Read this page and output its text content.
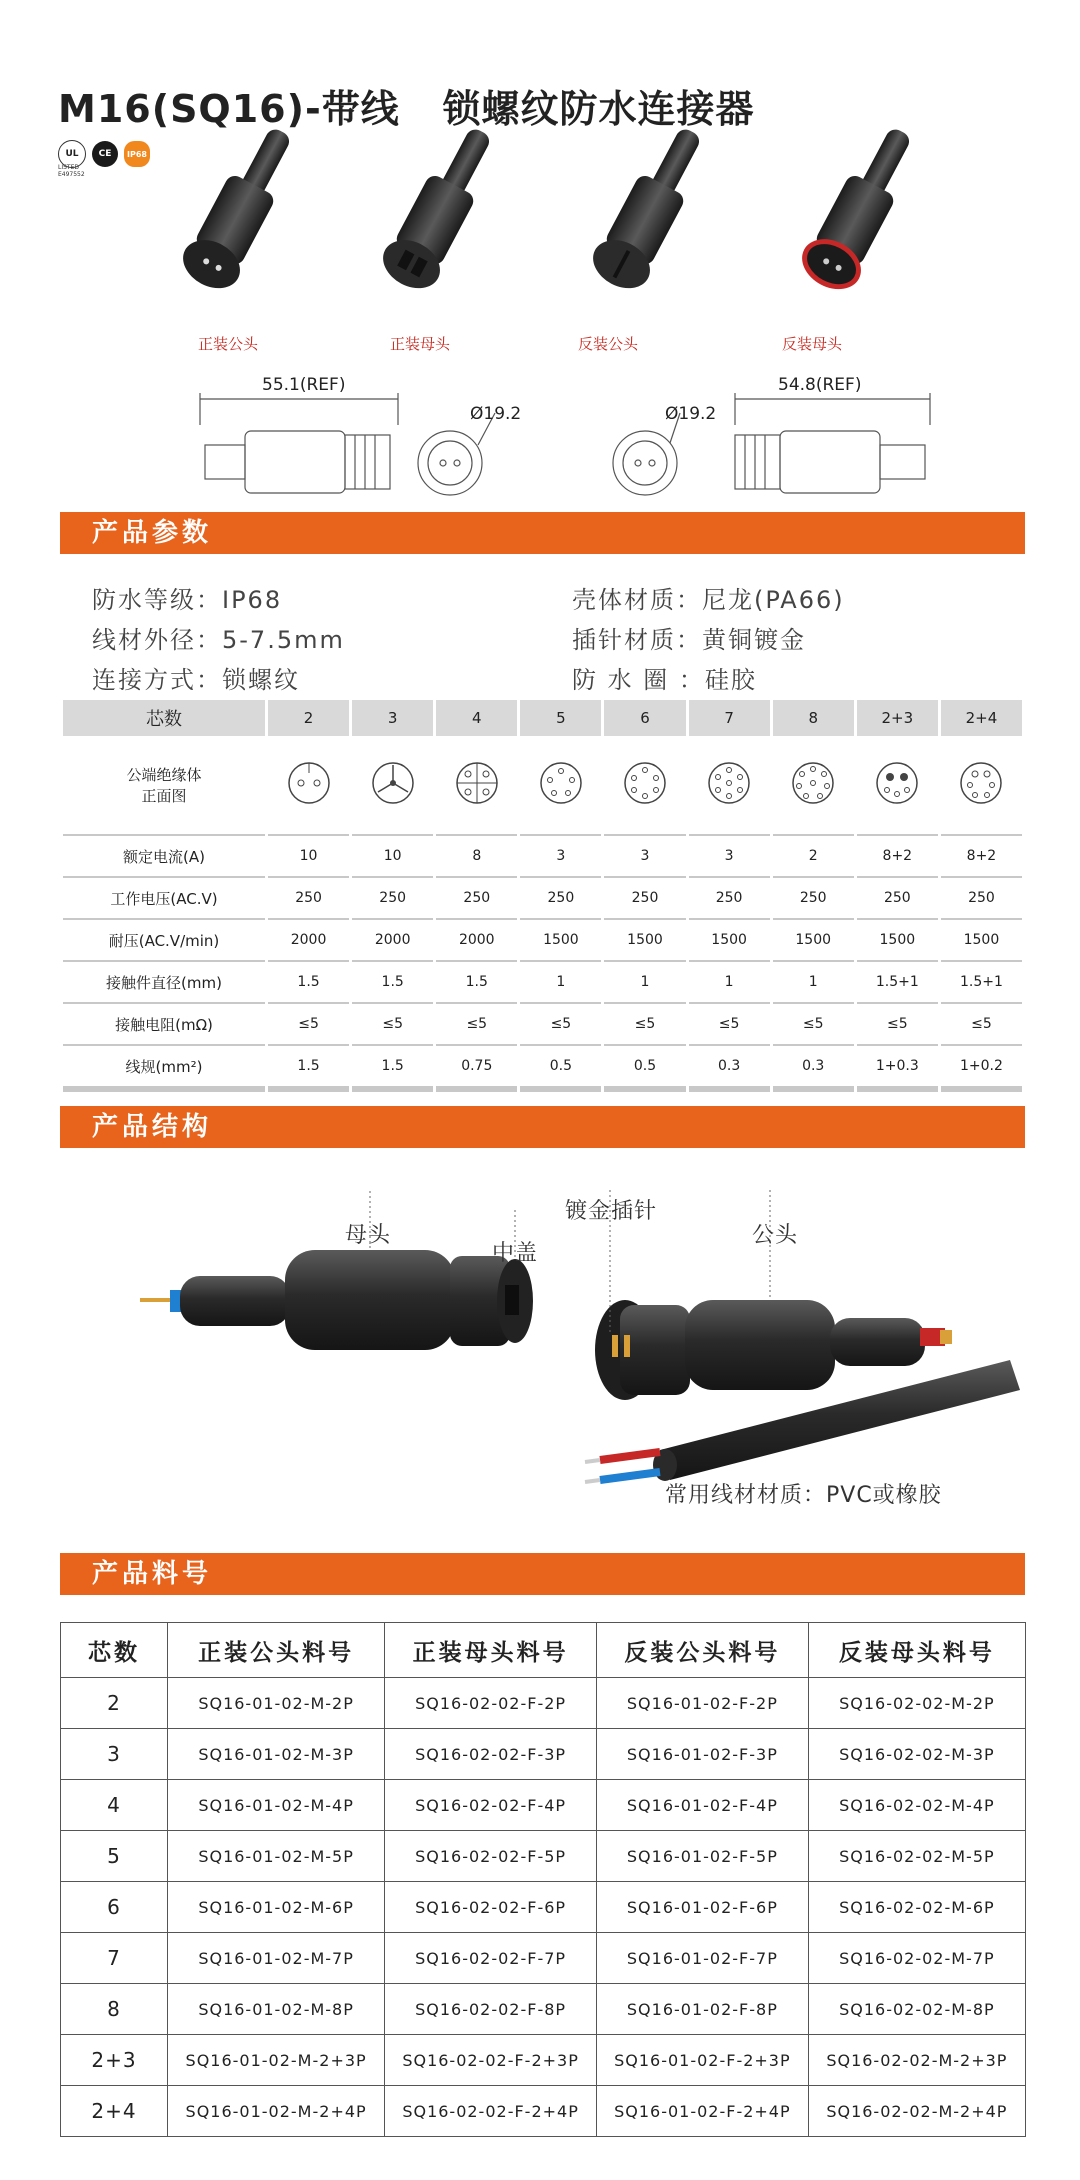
M16(SQ16)-带线   锁螺纹防水连接器
UL	CE	IP68
LISTED E497552
正装公头	正装母头	反装公头	反装母头
55.1(REF)
Ø19.2	Ø19.2
54.8(REF)
产品参数
防水等级：IP68	壳体材质：尼龙(PA66)
线材外径：5-7.5mm	插针材质：黄铜镀金
连接方式：锁螺纹	防 水 圈 ：硅胶
芯数	2	3	4	5	6	7	8	2+3	2+4

公端绝缘体
正面图

额定电流(A)	10	10	8	3	3	3	2	8+2	8+2
工作电压(AC.V)	250	250	250	250	250	250	250	250	250
耐压(AC.V/min)	2000	2000	2000	1500	1500	1500	1500	1500	1500
接触件直径(mm)	1.5	1.5	1.5	1	1	1	1	1.5+1	1.5+1
接触电阻(mΩ)	≤5	≤5	≤5	≤5	≤5	≤5	≤5	≤5	≤5
线规(mm²)	1.5	1.5	0.75	0.5	0.5	0.3	0.3	1+0.3	1+0.2
产品结构
母头
中盖
镀金插针
公头
常用线材材质：PVC或橡胶
产品料号
芯数	正装公头料号	正装母头料号	反装公头料号	反装母头料号
2	SQ16-01-02-M-2P	SQ16-02-02-F-2P	SQ16-01-02-F-2P	SQ16-02-02-M-2P
3	SQ16-01-02-M-3P	SQ16-02-02-F-3P	SQ16-01-02-F-3P	SQ16-02-02-M-3P
4	SQ16-01-02-M-4P	SQ16-02-02-F-4P	SQ16-01-02-F-4P	SQ16-02-02-M-4P
5	SQ16-01-02-M-5P	SQ16-02-02-F-5P	SQ16-01-02-F-5P	SQ16-02-02-M-5P
6	SQ16-01-02-M-6P	SQ16-02-02-F-6P	SQ16-01-02-F-6P	SQ16-02-02-M-6P
7	SQ16-01-02-M-7P	SQ16-02-02-F-7P	SQ16-01-02-F-7P	SQ16-02-02-M-7P
8	SQ16-01-02-M-8P	SQ16-02-02-F-8P	SQ16-01-02-F-8P	SQ16-02-02-M-8P
2+3	SQ16-01-02-M-2+3P	SQ16-02-02-F-2+3P	SQ16-01-02-F-2+3P	SQ16-02-02-M-2+3P
2+4	SQ16-01-02-M-2+4P	SQ16-02-02-F-2+4P	SQ16-01-02-F-2+4P	SQ16-02-02-M-2+4P
